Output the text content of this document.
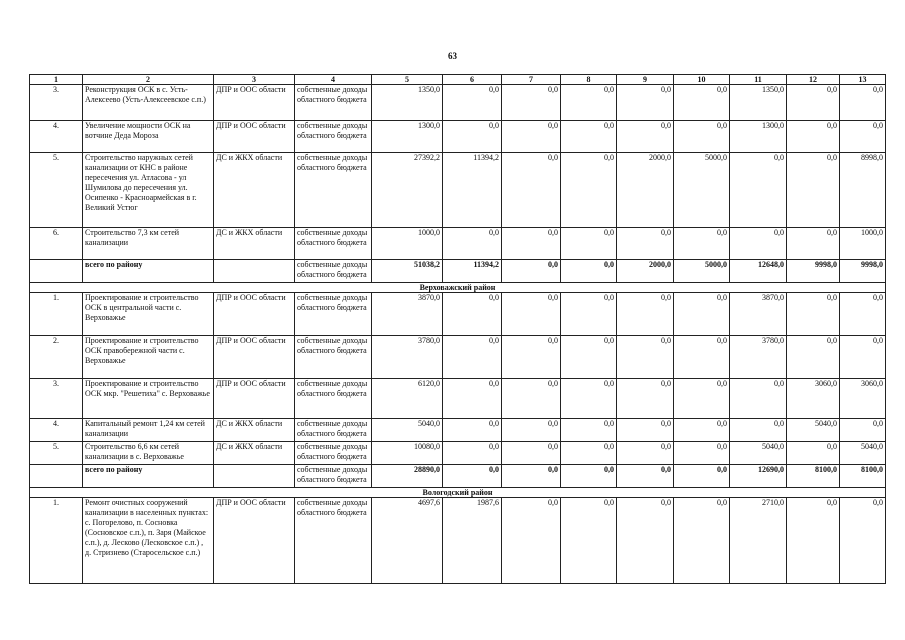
63
1	2	3	4	5	6	7	8	9	10	11	12	13
3.	Реконструкция ОСК в с. Усть-Алексеево (Усть-Алексеевское с.п.)	ДПР и ООС области	собственные доходы областного бюджета	1350,0	0,0	0,0	0,0	0,0	0,0	1350,0	0,0	0,0
4.	Увеличение мощности ОСК на вотчине Деда Мороза	ДПР и ООС области	собственные доходы областного бюджета	1300,0	0,0	0,0	0,0	0,0	0,0	1300,0	0,0	0,0
5.	Строительство наружных сетей канализации от КНС в районе пересечения ул. Атласова - ул Шумилова до пересечения ул. Осипенко - Красноармейская в г. Великий Устюг	ДС и ЖКХ области	собственные доходы областного бюджета	27392,2	11394,2	0,0	0,0	2000,0	5000,0	0,0	0,0	8998,0
6.	Строительство 7,3 км сетей канализации	ДС и ЖКХ области	собственные доходы областного бюджета	1000,0	0,0	0,0	0,0	0,0	0,0	0,0	0,0	1000,0
	всего по району		собственные доходы областного бюджета	51038,2	11394,2	0,0	0,0	2000,0	5000,0	12648,0	9998,0	9998,0
Верховажский район												
1.	Проектирование и строительство ОСК в центральной части с. Верховажье	ДПР и ООС области	собственные доходы областного бюджета	3870,0	0,0	0,0	0,0	0,0	0,0	3870,0	0,0	0,0
2.	Проектирование и строительство ОСК правобережной части с. Верховажье	ДПР и ООС области	собственные доходы областного бюджета	3780,0	0,0	0,0	0,0	0,0	0,0	3780,0	0,0	0,0
3.	Проектирование и строительство ОСК мкр. "Решетиха" с. Верховажье	ДПР и ООС области	собственные доходы областного бюджета	6120,0	0,0	0,0	0,0	0,0	0,0	0,0	3060,0	3060,0
4.	Капитальный ремонт 1,24 км сетей канализации	ДС и ЖКХ области	собственные доходы областного бюджета	5040,0	0,0	0,0	0,0	0,0	0,0	0,0	5040,0	0,0
5.	Строительство 6,6 км сетей канализации в с. Верховажье	ДС и ЖКХ области	собственные доходы областного бюджета	10080,0	0,0	0,0	0,0	0,0	0,0	5040,0	0,0	5040,0
	всего по району		собственные доходы областного бюджета	28890,0	0,0	0,0	0,0	0,0	0,0	12690,0	8100,0	8100,0
Вологодский район												
1.	Ремонт очистных сооружений канализации в населенных пунктах: с. Погорелово, п. Сосновка (Сосновское с.п.), п. Заря (Майское с.п.), д. Лесково (Лесковское с.п.) , д. Стризнево (Старосельское с.п.)	ДПР и ООС области	собственные доходы областного бюджета	4697,6	1987,6	0,0	0,0	0,0	0,0	2710,0	0,0	0,0
